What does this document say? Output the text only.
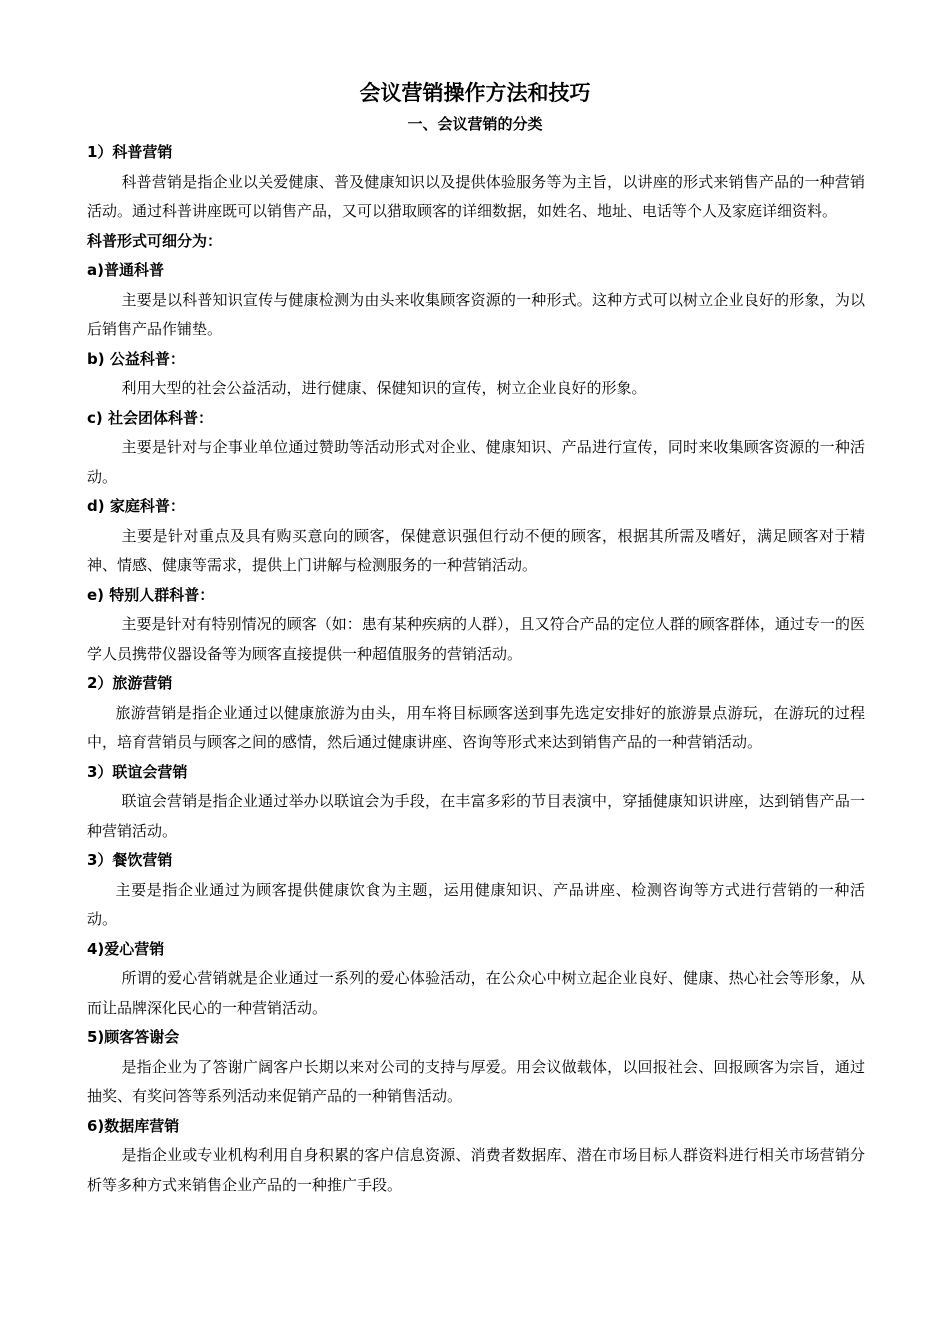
会议营销操作方法和技巧
一、会议营销的分类
1）科普营销
科普营销是指企业以关爱健康、普及健康知识以及提供体验服务等为主旨，以讲座的形式来销售产品的一种营销活动。通过科普讲座既可以销售产品，又可以猎取顾客的详细数据，如姓名、地址、电话等个人及家庭详细资料。
科普形式可细分为：
a)普通科普
主要是以科普知识宣传与健康检测为由头来收集顾客资源的一种形式。这种方式可以树立企业良好的形象，为以后销售产品作铺垫。
b) 公益科普：
利用大型的社会公益活动，进行健康、保健知识的宣传，树立企业良好的形象。
c) 社会团体科普：
主要是针对与企事业单位通过赞助等活动形式对企业、健康知识、产品进行宣传，同时来收集顾客资源的一种活动。
d) 家庭科普：
主要是针对重点及具有购买意向的顾客，保健意识强但行动不便的顾客，根据其所需及嗜好，满足顾客对于精神、情感、健康等需求，提供上门讲解与检测服务的一种营销活动。
e) 特别人群科普：
主要是针对有特别情况的顾客（如：患有某种疾病的人群），且又符合产品的定位人群的顾客群体，通过专一的医学人员携带仪器设备等为顾客直接提供一种超值服务的营销活动。
2）旅游营销
旅游营销是指企业通过以健康旅游为由头，用车将目标顾客送到事先选定安排好的旅游景点游玩，在游玩的过程中，培育营销员与顾客之间的感情，然后通过健康讲座、咨询等形式来达到销售产品的一种营销活动。
3）联谊会营销
联谊会营销是指企业通过举办以联谊会为手段，在丰富多彩的节目表演中，穿插健康知识讲座，达到销售产品一种营销活动。
3）餐饮营销
主要是指企业通过为顾客提供健康饮食为主题，运用健康知识、产品讲座、检测咨询等方式进行营销的一种活动。
4)爱心营销
所谓的爱心营销就是企业通过一系列的爱心体验活动，在公众心中树立起企业良好、健康、热心社会等形象，从而让品牌深化民心的一种营销活动。
5)顾客答谢会
是指企业为了答谢广阔客户长期以来对公司的支持与厚爱。用会议做载体，以回报社会、回报顾客为宗旨，通过抽奖、有奖问答等系列活动来促销产品的一种销售活动。
6)数据库营销
是指企业或专业机构利用自身积累的客户信息资源、消费者数据库、潜在市场目标人群资料进行相关市场营销分析等多种方式来销售企业产品的一种推广手段。
